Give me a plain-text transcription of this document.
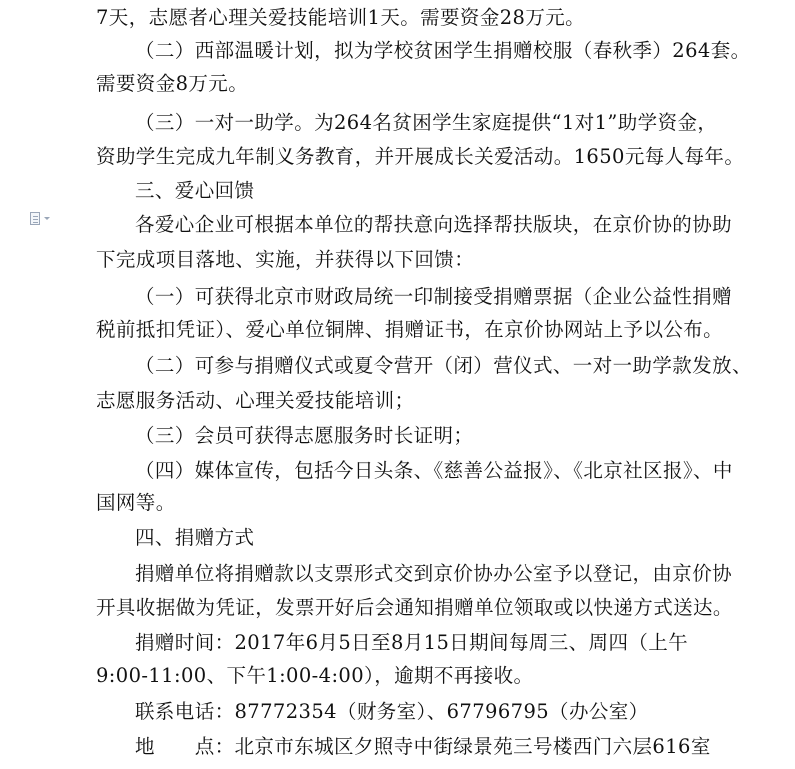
7天，志愿者心理关爱技能培训1天。需要资金28万元。
（二）西部温暖计划，拟为学校贫困学生捐赠校服（春秋季）264套。
需要资金8万元。
（三）一对一助学。为264名贫困学生家庭提供“1对1”助学资金，
资助学生完成九年制义务教育，并开展成长关爱活动。1650元每人每年。
三、爱心回馈
各爱心企业可根据本单位的帮扶意向选择帮扶版块，在京价协的协助
下完成项目落地、实施，并获得以下回馈：
（一）可获得北京市财政局统一印制接受捐赠票据（企业公益性捐赠
税前抵扣凭证）、爱心单位铜牌、捐赠证书，在京价协网站上予以公布。
（二）可参与捐赠仪式或夏令营开（闭）营仪式、一对一助学款发放、
志愿服务活动、心理关爱技能培训；
（三）会员可获得志愿服务时长证明；
（四）媒体宣传，包括今日头条、《慈善公益报》、《北京社区报》、中
国网等。
四、捐赠方式
捐赠单位将捐赠款以支票形式交到京价协办公室予以登记，由京价协
开具收据做为凭证，发票开好后会通知捐赠单位领取或以快递方式送达。
捐赠时间：2017年6月5日至8月15日期间每周三、周四（上午
9:00-11:00、下午1:00-4:00），逾期不再接收。
联系电话：87772354（财务室）、67796795（办公室）
地　　点：北京市东城区夕照寺中街绿景苑三号楼西门六层616室
